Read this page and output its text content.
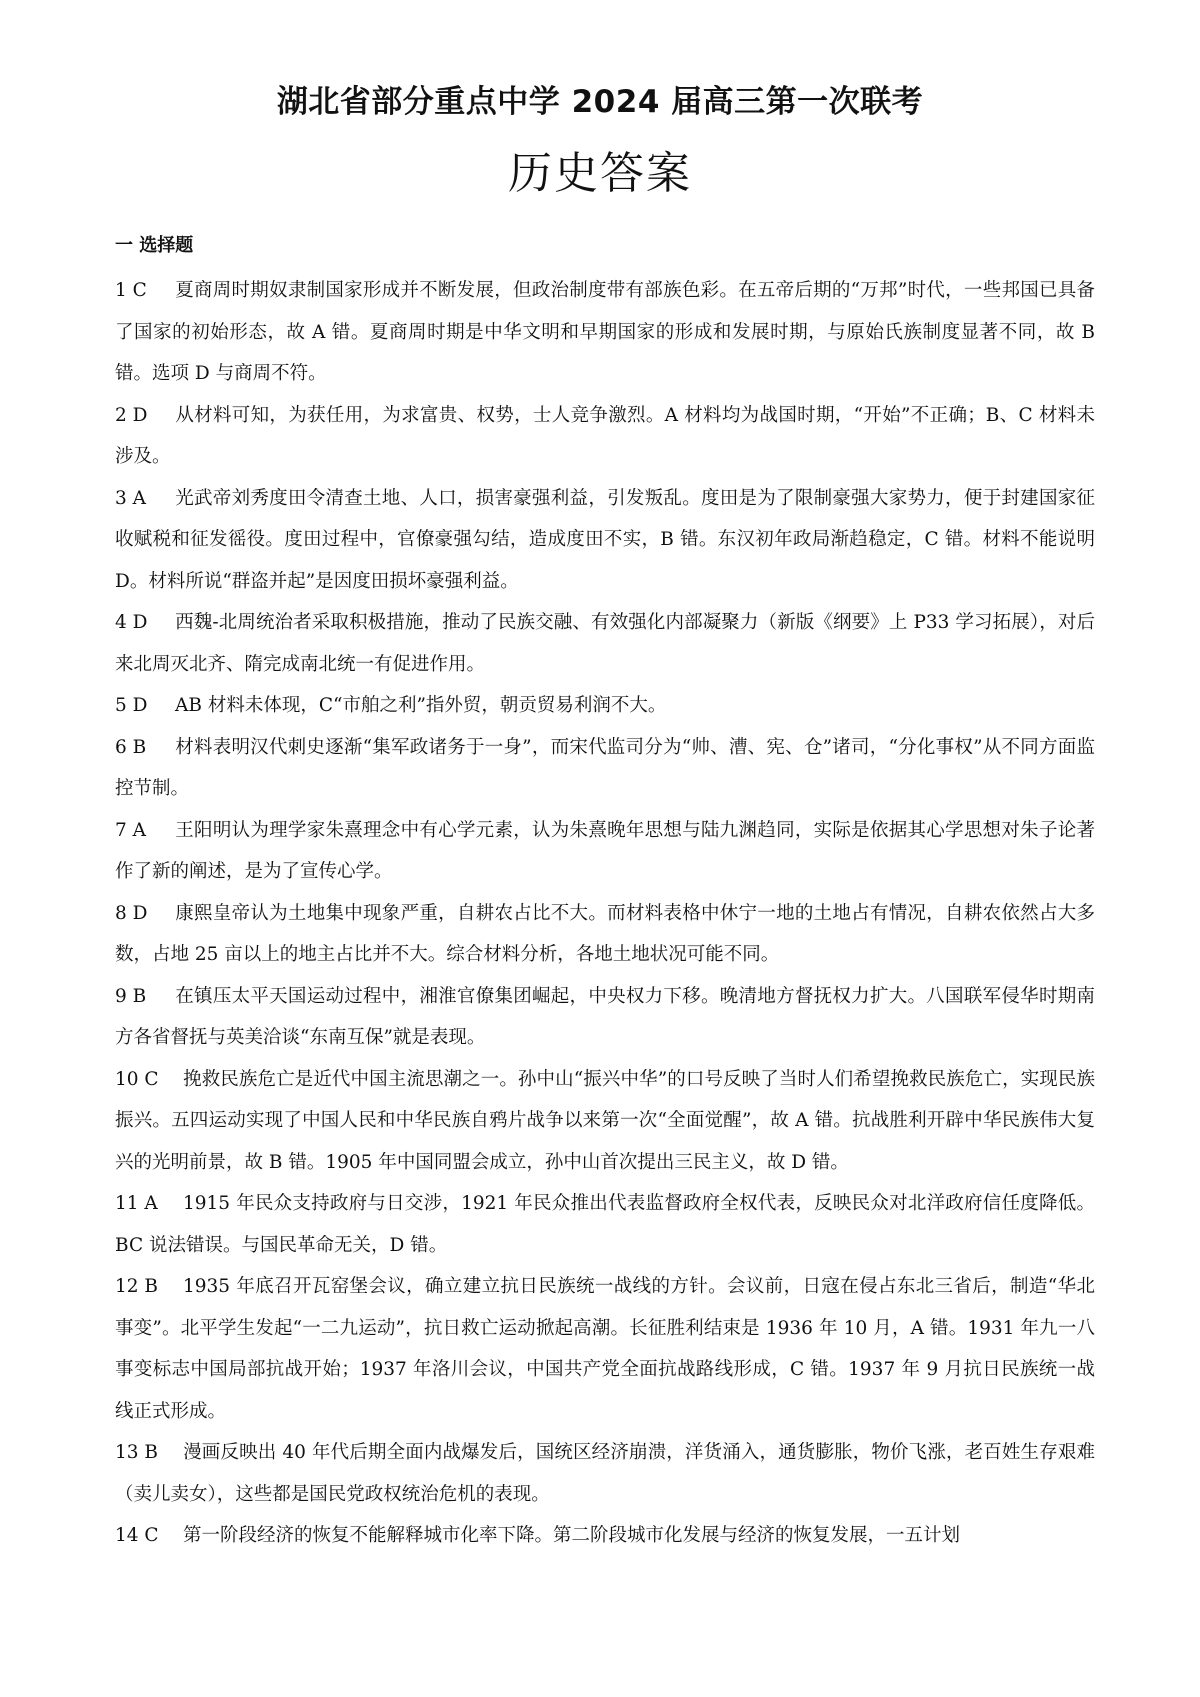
湖北省部分重点中学 2024 届高三第一次联考
历史答案
一 选择题

1 C 夏商周时期奴隶制国家形成并不断发展，但政治制度带有部族色彩。在五帝后期的“万邦”时代，一些邦国已具备了国家的初始形态，故 A 错。夏商周时期是中华文明和早期国家的形成和发展时期，与原始氏族制度显著不同，故 B 错。选项 D 与商周不符。

2 D 从材料可知，为获任用，为求富贵、权势，士人竞争激烈。A 材料均为战国时期，“开始”不正确；B、C 材料未涉及。

3 A 光武帝刘秀度田令清查土地、人口，损害豪强利益，引发叛乱。度田是为了限制豪强大家势力，便于封建国家征收赋税和征发徭役。度田过程中，官僚豪强勾结，造成度田不实，B 错。东汉初年政局渐趋稳定，C 错。材料不能说明 D。材料所说“群盗并起”是因度田损坏豪强利益。

4 D 西魏-北周统治者采取积极措施，推动了民族交融、有效强化内部凝聚力（新版《纲要》上 P33 学习拓展），对后来北周灭北齐、隋完成南北统一有促进作用。

5 D AB 材料未体现，C“市舶之利”指外贸，朝贡贸易利润不大。

6 B 材料表明汉代刺史逐渐“集军政诸务于一身”，而宋代监司分为“帅、漕、宪、仓”诸司，“分化事权”从不同方面监控节制。

7 A 王阳明认为理学家朱熹理念中有心学元素，认为朱熹晚年思想与陆九渊趋同，实际是依据其心学思想对朱子论著作了新的阐述，是为了宣传心学。

8 D 康熙皇帝认为土地集中现象严重，自耕农占比不大。而材料表格中休宁一地的土地占有情况，自耕农依然占大多数，占地 25 亩以上的地主占比并不大。综合材料分析，各地土地状况可能不同。

9 B 在镇压太平天国运动过程中，湘淮官僚集团崛起，中央权力下移。晚清地方督抚权力扩大。八国联军侵华时期南方各省督抚与英美洽谈“东南互保”就是表现。

10 C 挽救民族危亡是近代中国主流思潮之一。孙中山“振兴中华”的口号反映了当时人们希望挽救民族危亡，实现民族振兴。五四运动实现了中国人民和中华民族自鸦片战争以来第一次“全面觉醒”，故 A 错。抗战胜利开辟中华民族伟大复兴的光明前景，故 B 错。1905 年中国同盟会成立，孙中山首次提出三民主义，故 D 错。

11 A 1915 年民众支持政府与日交涉，1921 年民众推出代表监督政府全权代表，反映民众对北洋政府信任度降低。BC 说法错误。与国民革命无关，D 错。

12 B 1935 年底召开瓦窑堡会议，确立建立抗日民族统一战线的方针。会议前，日寇在侵占东北三省后，制造“华北事变”。北平学生发起“一二九运动”，抗日救亡运动掀起高潮。长征胜利结束是 1936 年 10 月，A 错。1931 年九一八事变标志中国局部抗战开始；1937 年洛川会议，中国共产党全面抗战路线形成，C 错。1937 年 9 月抗日民族统一战线正式形成。

13 B 漫画反映出 40 年代后期全面内战爆发后，国统区经济崩溃，洋货涌入，通货膨胀，物价飞涨，老百姓生存艰难（卖儿卖女），这些都是国民党政权统治危机的表现。

14 C 第一阶段经济的恢复不能解释城市化率下降。第二阶段城市化发展与经济的恢复发展，一五计划
